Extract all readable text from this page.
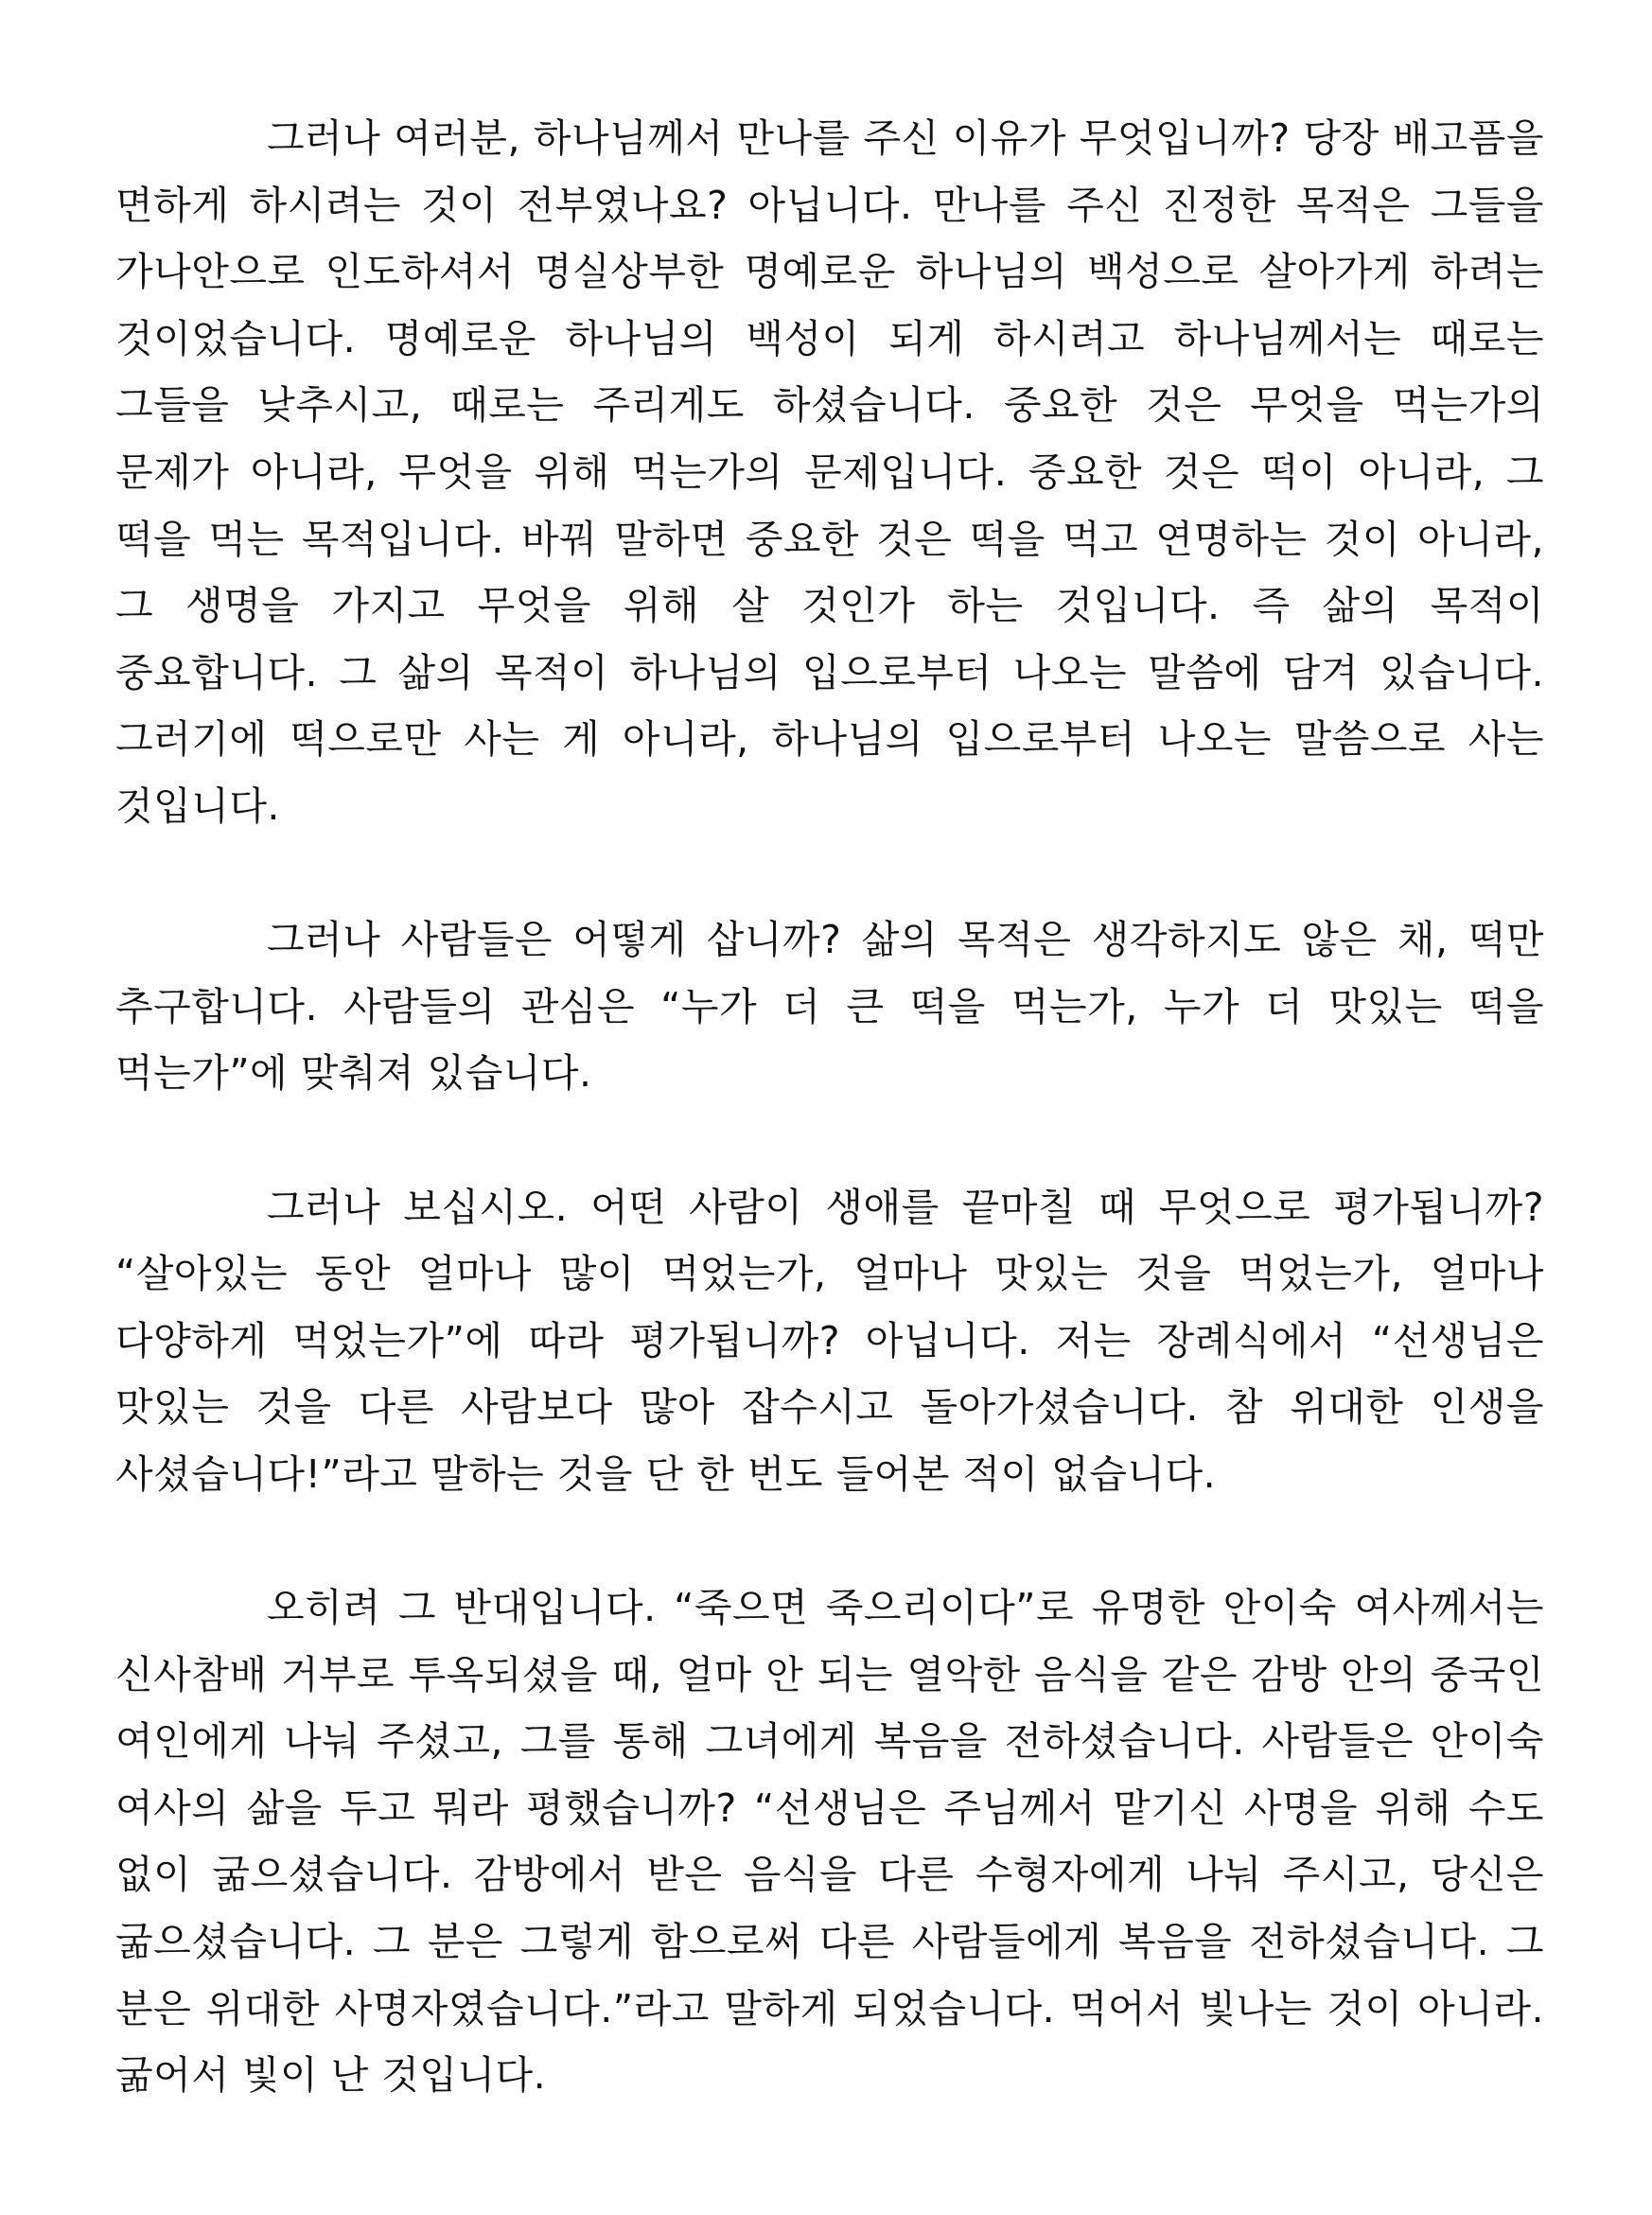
그러나 여러분, 하나님께서 만나를 주신 이유가 무엇입니까? 당장 배고픔을 면하게 하시려는 것이 전부였나요? 아닙니다. 만나를 주신 진정한 목적은 그들을 가나안으로 인도하셔서 명실상부한 명예로운 하나님의 백성으로 살아가게 하려는 것이었습니다. 명예로운 하나님의 백성이 되게 하시려고 하나님께서는 때로는 그들을 낮추시고, 때로는 주리게도 하셨습니다. 중요한 것은 무엇을 먹는가의 문제가 아니라, 무엇을 위해 먹는가의 문제입니다. 중요한 것은 떡이 아니라, 그 떡을 먹는 목적입니다. 바꿔 말하면 중요한 것은 떡을 먹고 연명하는 것이 아니라, 그 생명을 가지고 무엇을 위해 살 것인가 하는 것입니다. 즉 삶의 목적이 중요합니다. 그 삶의 목적이 하나님의 입으로부터 나오는 말씀에 담겨 있습니다. 그러기에 떡으로만 사는 게 아니라, 하나님의 입으로부터 나오는 말씀으로 사는 것입니다.

그러나 사람들은 어떻게 삽니까? 삶의 목적은 생각하지도 않은 채, 떡만 추구합니다. 사람들의 관심은 “누가 더 큰 떡을 먹는가, 누가 더 맛있는 떡을 먹는가”에 맞춰져 있습니다.

그러나 보십시오. 어떤 사람이 생애를 끝마칠 때 무엇으로 평가됩니까? “살아있는 동안 얼마나 많이 먹었는가, 얼마나 맛있는 것을 먹었는가, 얼마나 다양하게 먹었는가”에 따라 평가됩니까? 아닙니다. 저는 장례식에서 “선생님은 맛있는 것을 다른 사람보다 많아 잡수시고 돌아가셨습니다. 참 위대한 인생을 사셨습니다!”라고 말하는 것을 단 한 번도 들어본 적이 없습니다.

오히려 그 반대입니다. “죽으면 죽으리이다”로 유명한 안이숙 여사께서는 신사참배 거부로 투옥되셨을 때, 얼마 안 되는 열악한 음식을 같은 감방 안의 중국인 여인에게 나눠 주셨고, 그를 통해 그녀에게 복음을 전하셨습니다. 사람들은 안이숙 여사의 삶을 두고 뭐라 평했습니까? “선생님은 주님께서 맡기신 사명을 위해 수도 없이 굶으셨습니다. 감방에서 받은 음식을 다른 수형자에게 나눠 주시고, 당신은 굶으셨습니다. 그 분은 그렇게 함으로써 다른 사람들에게 복음을 전하셨습니다. 그 분은 위대한 사명자였습니다.”라고 말하게 되었습니다. 먹어서 빛나는 것이 아니라. 굶어서 빛이 난 것입니다.
